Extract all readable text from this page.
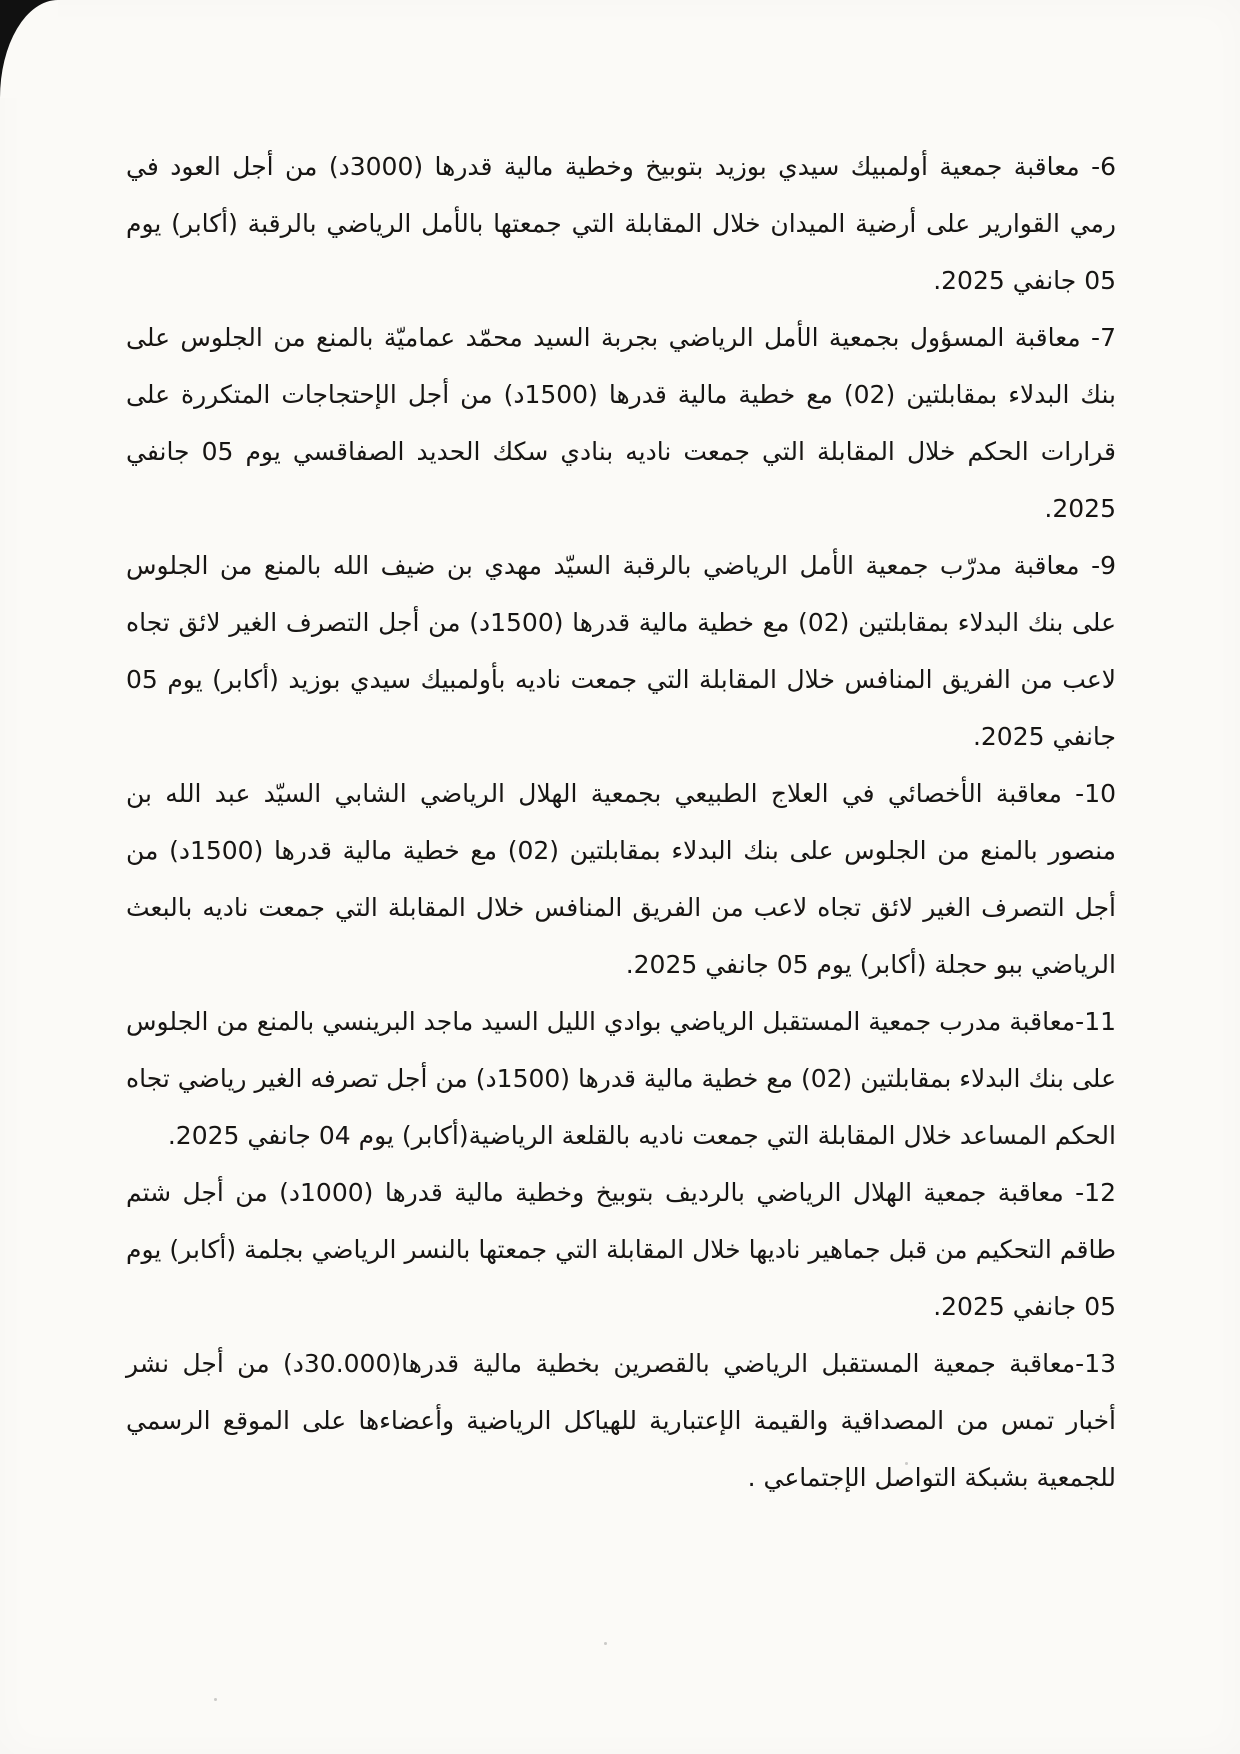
6- معاقبة جمعية أولمبيك سيدي بوزيد بتوبيخ وخطية مالية قدرها (3000د) من أجل العود في رمي القوارير على أرضية الميدان خلال المقابلة التي جمعتها بالأمل الرياضي بالرقبة (أكابر) يوم 05 جانفي 2025.

7- معاقبة المسؤول بجمعية الأمل الرياضي بجربة السيد محمّد عماميّة بالمنع من الجلوس على بنك البدلاء بمقابلتين (02) مع خطية مالية قدرها (1500د) من أجل الإحتجاجات المتكررة على قرارات الحكم خلال المقابلة التي جمعت ناديه بنادي سكك الحديد الصفاقسي يوم 05 جانفي 2025.

9- معاقبة مدرّب جمعية الأمل الرياضي بالرقبة السيّد مهدي بن ضيف الله بالمنع من الجلوس على بنك البدلاء بمقابلتين (02) مع خطية مالية قدرها (1500د) من أجل التصرف الغير لائق تجاه لاعب من الفريق المنافس خلال المقابلة التي جمعت ناديه بأولمبيك سيدي بوزيد (أكابر) يوم 05 جانفي 2025.

10- معاقبة الأخصائي في العلاج الطبيعي بجمعية الهلال الرياضي الشابي السيّد عبد الله بن منصور بالمنع من الجلوس على بنك البدلاء بمقابلتين (02) مع خطية مالية قدرها (1500د) من أجل التصرف الغير لائق تجاه لاعب من الفريق المنافس خلال المقابلة التي جمعت ناديه بالبعث الرياضي ببو حجلة (أكابر) يوم 05 جانفي 2025.

11-معاقبة مدرب جمعية المستقبل الرياضي بوادي الليل السيد ماجد البرينسي بالمنع من الجلوس على بنك البدلاء بمقابلتين (02) مع خطية مالية قدرها (1500د) من أجل تصرفه الغير رياضي تجاه الحكم المساعد خلال المقابلة التي جمعت ناديه بالقلعة الرياضية(أكابر) يوم 04 جانفي 2025.

12- معاقبة جمعية الهلال الرياضي بالرديف بتوبيخ وخطية مالية قدرها (1000د) من أجل شتم طاقم التحكيم من قبل جماهير ناديها خلال المقابلة التي جمعتها بالنسر الرياضي بجلمة (أكابر) يوم 05 جانفي 2025.

13-معاقبة جمعية المستقبل الرياضي بالقصرين بخطية مالية قدرها(30.000د) من أجل نشر أخبار تمس من المصداقية والقيمة الإعتبارية للهياكل الرياضية وأعضاءها على الموقع الرسمي للجمعية بشبكة التواصل الإجتماعي .
